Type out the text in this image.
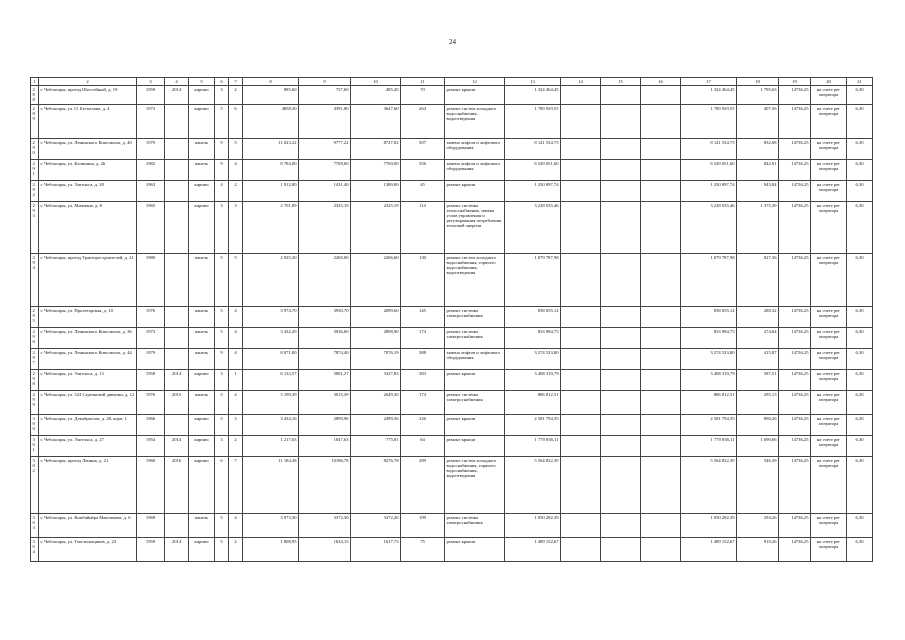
24
1	2	3	4	5	6	7	8	9	10	11	12	13	14	15	16	17	18	19	20	21
288	г. Чебоксары, проезд Шоссейный, д. 19	1959	2014	кирпич	3	2	885,60	737,60	485,20	70	ремонт крыши	1 324 464,45				1 324 464,45	1 795,63	14736,25	на счете рег оператора	6,30
289	г. Чебоксары, ул. О. Беспалова, д. 4	1973		кирпич	5	6	4858,30	4391,80	3647,60	264	ремонт систем холодного водоснабжения, водоотведения	1 789 929,55				1 789 929,55	407,56	14736,25	на счете рег оператора	6,30
290	г. Чебоксары, ул. Ленинского Комсомола, д. 40	1979		панель	9	5	11 023,22	9777,22	8727,82	507	замена лифтов и лифтового оборудования	8 141 534,75				8 141 534,75	832,68	14736,25	на счете рег оператора	6,30
291	г. Чебоксары, ул. Калинина, д. 26	1982		панель	9	4	8 784,00	7769,00	7769,00	356	замена лифтов и лифтового оборудования	6 549 051,60				6 549 051,60	842,91	14736,25	на счете рег оператора	6,30
292	г. Чебоксары, ул. Энгельса, д. 28	1963		кирпич	4	2	1 912,80	1431,40	1389,00	45	ремонт крыши	1 250 897,74				1 250 897,74	943,84	14736,25	на счете рег оператора	6,30
293	г. Чебоксары, ул. Мичмана, д. 8	1965		кирпич	3	3	2 701,09	2325,19	2325,19	114	ремонт системы теплоснабжения, замена узлов управления и регулирования потребления тепловой энергии	3 228 035,46				3 228 035,46	1 375,39	14736,25	на счете рег оператора	6,30
294	г. Чебоксары, проезд Тракторостроителей, д. 21	1980		панель	5	5	2 925,30	2269,00	2266,60	130	ремонт систем холодного водоснабжения, горячего водоснабжения, водоотведения	1 879 787,98				1 879 787,98	827,36	14736,25	на счете рег оператора	6,30
295	г. Чебоксары, ул. Пролетарская, д. 10	1976		панель	5	4	3 974,70	3930,70	2699,60	145	ремонт системы электроснабжения	838 655,12				838 655,12	288,32	14736,25	на счете рег оператора	6,30
296	г. Чебоксары, ул. Ленинского Комсомола, д. 36	1973		панель	5	4	3 432,29	3036,60	2898,90	174	ремонт системы электроснабжения	833 984,75				833 984,75	274,64	14736,25	на счете рег оператора	6,30
297	г. Чебоксары, ул. Ленинского Комсомола, д. 44	1979		панель	9	4	8 871,00	7874,40	7076,19	388	замена лифтов и лифтового оборудования	3 274 523,80				3 274 523,80	415,87	14736,25	на счете рег оператора	6,30
298	г. Чебоксары, ул. Энгельса, д. 13	1958	2014	кирпич	3	1	6 133,57	5801,27	3327,83	383	ремонт крыши	3 408 319,79				3 408 319,79	587,51	14736,25	на счете рег оператора	6,30
299	г. Чебоксары, ул. 324 Стрелковой дивизии, д. 12	1976	2015	панель	5	4	3 199,39	3015,39	2649,30	174	ремонт системы электроснабжения	886 812,51				886 812,51	295,13	14736,25	на счете рег оператора	6,30
300	г. Чебоксары, ул. Декабристов, д. 28, корп. 1	1966		кирпич	5	3	3 434,16	2899,96	2499,56	226	ремонт крыши	2 581 794,35				2 581 794,35	890,26	14736,25	на счете рег оператора	6,30
301	г. Чебоксары, ул. Энгельса, д. 27	1954	2014	кирпич	3	2	1 217,63	1047,63	775,81	64	ремонт крыши	1 770 836,11				1 770 836,11	1 690,66	14736,25	на счете рег оператора	6,30
302	г. Чебоксары, проезд Ленина, д. 21	1960	2016	кирпич	6	7	11 184,38	10186,78	8276,78	289	ремонт систем холодного водоснабжения, горячего водоснабжения, водоотведения	5 564 822,39				5 564 822,39	546,39	14736,25	на счете рег оператора	6,30
303	г. Чебоксары, ул. Комбайнёра Максимова, д. 6	1969		панель	5	4	3 973,30	3372,30	3372,20	199	ремонт системы электроснабжения	1 050 282,39				1 050 282,39	294,26	14736,25	на счете рег оператора	6,30
304	г. Чебоксары, ул. Текстильщиков, д. 23	1959	2014	кирпич	5	2	1 808,95	1634,15	1617,73	75	ремонт крыши	1 489 152,67				1 489 152,67	910,26	14736,25	на счете рег оператора	6,30
